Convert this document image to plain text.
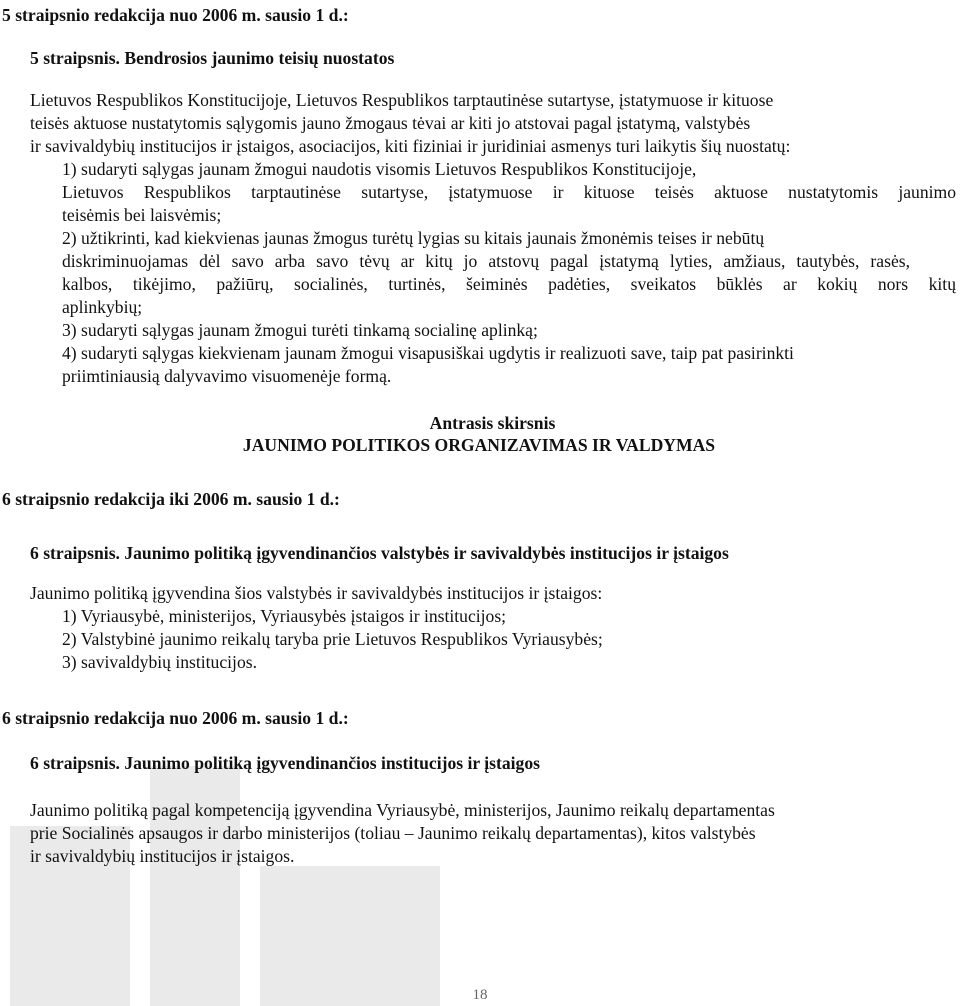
5 straipsnio redakcija nuo 2006 m. sausio 1 d.:
5 straipsnis. Bendrosios jaunimo teisių nuostatos
Lietuvos Respublikos Konstitucijoje, Lietuvos Respublikos tarptautinėse sutartyse, įstatymuose ir kituose
teisės aktuose nustatytomis sąlygomis jauno žmogaus tėvai ar kiti jo atstovai pagal įstatymą, valstybės
ir savivaldybių institucijos ir įstaigos, asociacijos, kiti fiziniai ir juridiniai asmenys turi laikytis šių nuostatų:
1) sudaryti sąlygas jaunam žmogui naudotis visomis Lietuvos Respublikos Konstitucijoje,
Lietuvos Respublikos tarptautinėse sutartyse, įstatymuose ir kituose teisės aktuose nustatytomis jaunimo
teisėmis bei laisvėmis;
2) užtikrinti, kad kiekvienas jaunas žmogus turėtų lygias su kitais jaunais žmonėmis teises ir nebūtų
diskriminuojamas dėl savo arba savo tėvų ar kitų jo atstovų pagal įstatymą lyties, amžiaus, tautybės, rasės,
kalbos, tikėjimo, pažiūrų, socialinės, turtinės, šeiminės padėties, sveikatos būklės ar kokių nors kitų
aplinkybių;
3) sudaryti sąlygas jaunam žmogui turėti tinkamą socialinę aplinką;
4) sudaryti sąlygas kiekvienam jaunam žmogui visapusiškai ugdytis ir realizuoti save, taip pat pasirinkti
priimtiniausią dalyvavimo visuomenėje formą.
Antrasis skirsnis
JAUNIMO POLITIKOS ORGANIZAVIMAS IR VALDYMAS
6 straipsnio redakcija iki 2006 m. sausio 1 d.:
6 straipsnis. Jaunimo politiką įgyvendinančios valstybės ir savivaldybės institucijos ir įstaigos
Jaunimo politiką įgyvendina šios valstybės ir savivaldybės institucijos ir įstaigos:
1) Vyriausybė, ministerijos, Vyriausybės įstaigos ir institucijos;
2) Valstybinė jaunimo reikalų taryba prie Lietuvos Respublikos Vyriausybės;
3) savivaldybių institucijos.
6 straipsnio redakcija nuo 2006 m. sausio 1 d.:
6 straipsnis. Jaunimo politiką įgyvendinančios institucijos ir įstaigos
Jaunimo politiką pagal kompetenciją įgyvendina Vyriausybė, ministerijos, Jaunimo reikalų departamentas
prie Socialinės apsaugos ir darbo ministerijos (toliau – Jaunimo reikalų departamentas), kitos valstybės
ir savivaldybių institucijos ir įstaigos.
18
